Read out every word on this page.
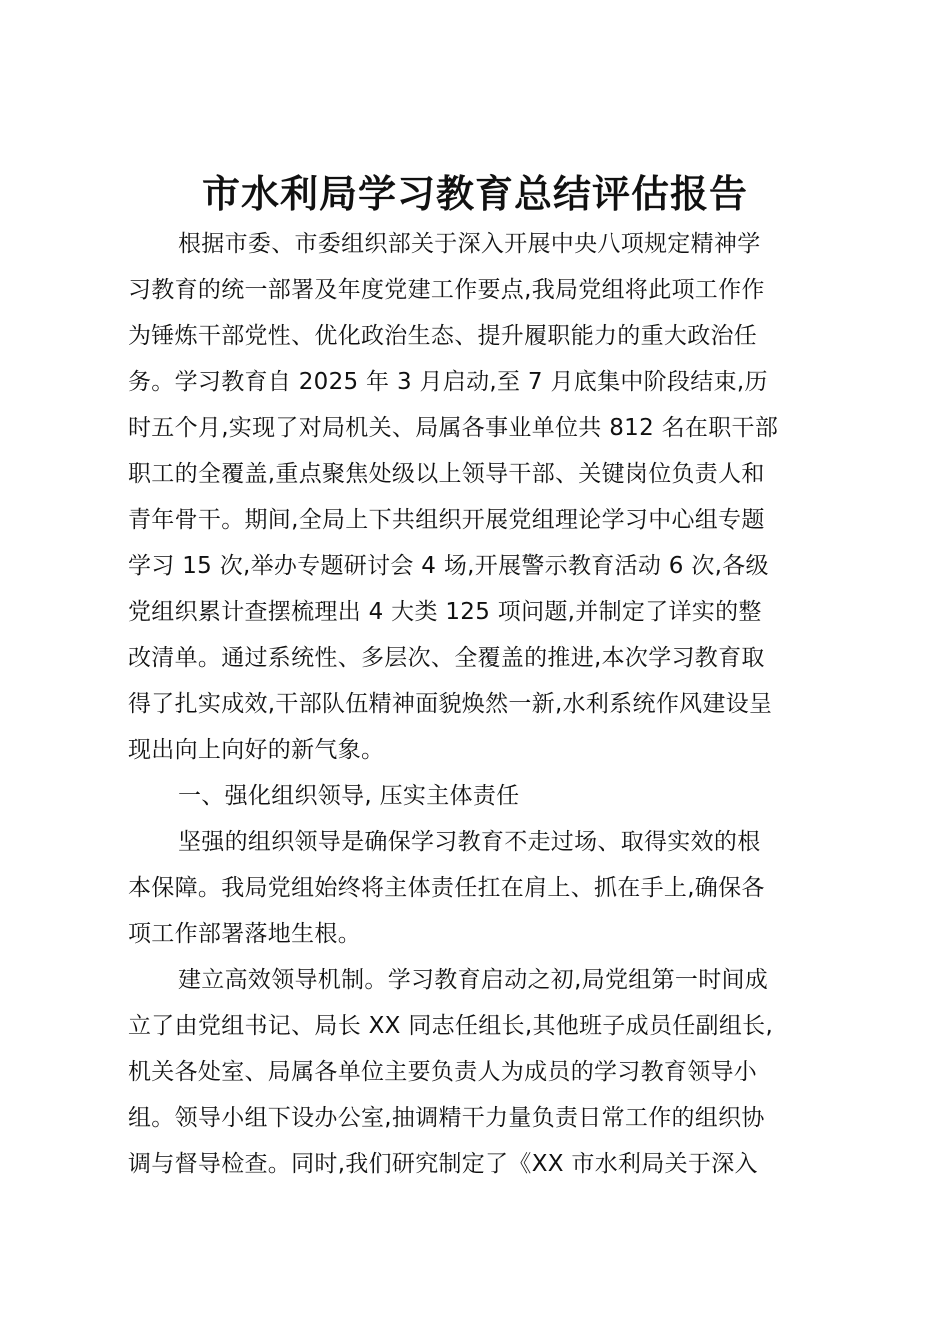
市水利局学习教育总结评估报告
根据市委、市委组织部关于深入开展中央八项规定精神学
习教育的统一部署及年度党建工作要点,我局党组将此项工作作
为锤炼干部党性、优化政治生态、提升履职能力的重大政治任
务。学习教育自 2025 年 3 月启动,至 7 月底集中阶段结束,历
时五个月,实现了对局机关、局属各事业单位共 812 名在职干部
职工的全覆盖,重点聚焦处级以上领导干部、关键岗位负责人和
青年骨干。期间,全局上下共组织开展党组理论学习中心组专题
学习 15 次,举办专题研讨会 4 场,开展警示教育活动 6 次,各级
党组织累计查摆梳理出 4 大类 125 项问题,并制定了详实的整
改清单。通过系统性、多层次、全覆盖的推进,本次学习教育取
得了扎实成效,干部队伍精神面貌焕然一新,水利系统作风建设呈
现出向上向好的新气象。
一、强化组织领导, 压实主体责任
坚强的组织领导是确保学习教育不走过场、取得实效的根
本保障。我局党组始终将主体责任扛在肩上、抓在手上,确保各
项工作部署落地生根。
建立高效领导机制。学习教育启动之初,局党组第一时间成
立了由党组书记、局长 XX 同志任组长,其他班子成员任副组长,
机关各处室、局属各单位主要负责人为成员的学习教育领导小
组。领导小组下设办公室,抽调精干力量负责日常工作的组织协
调与督导检查。同时,我们研究制定了《XX 市水利局关于深入
